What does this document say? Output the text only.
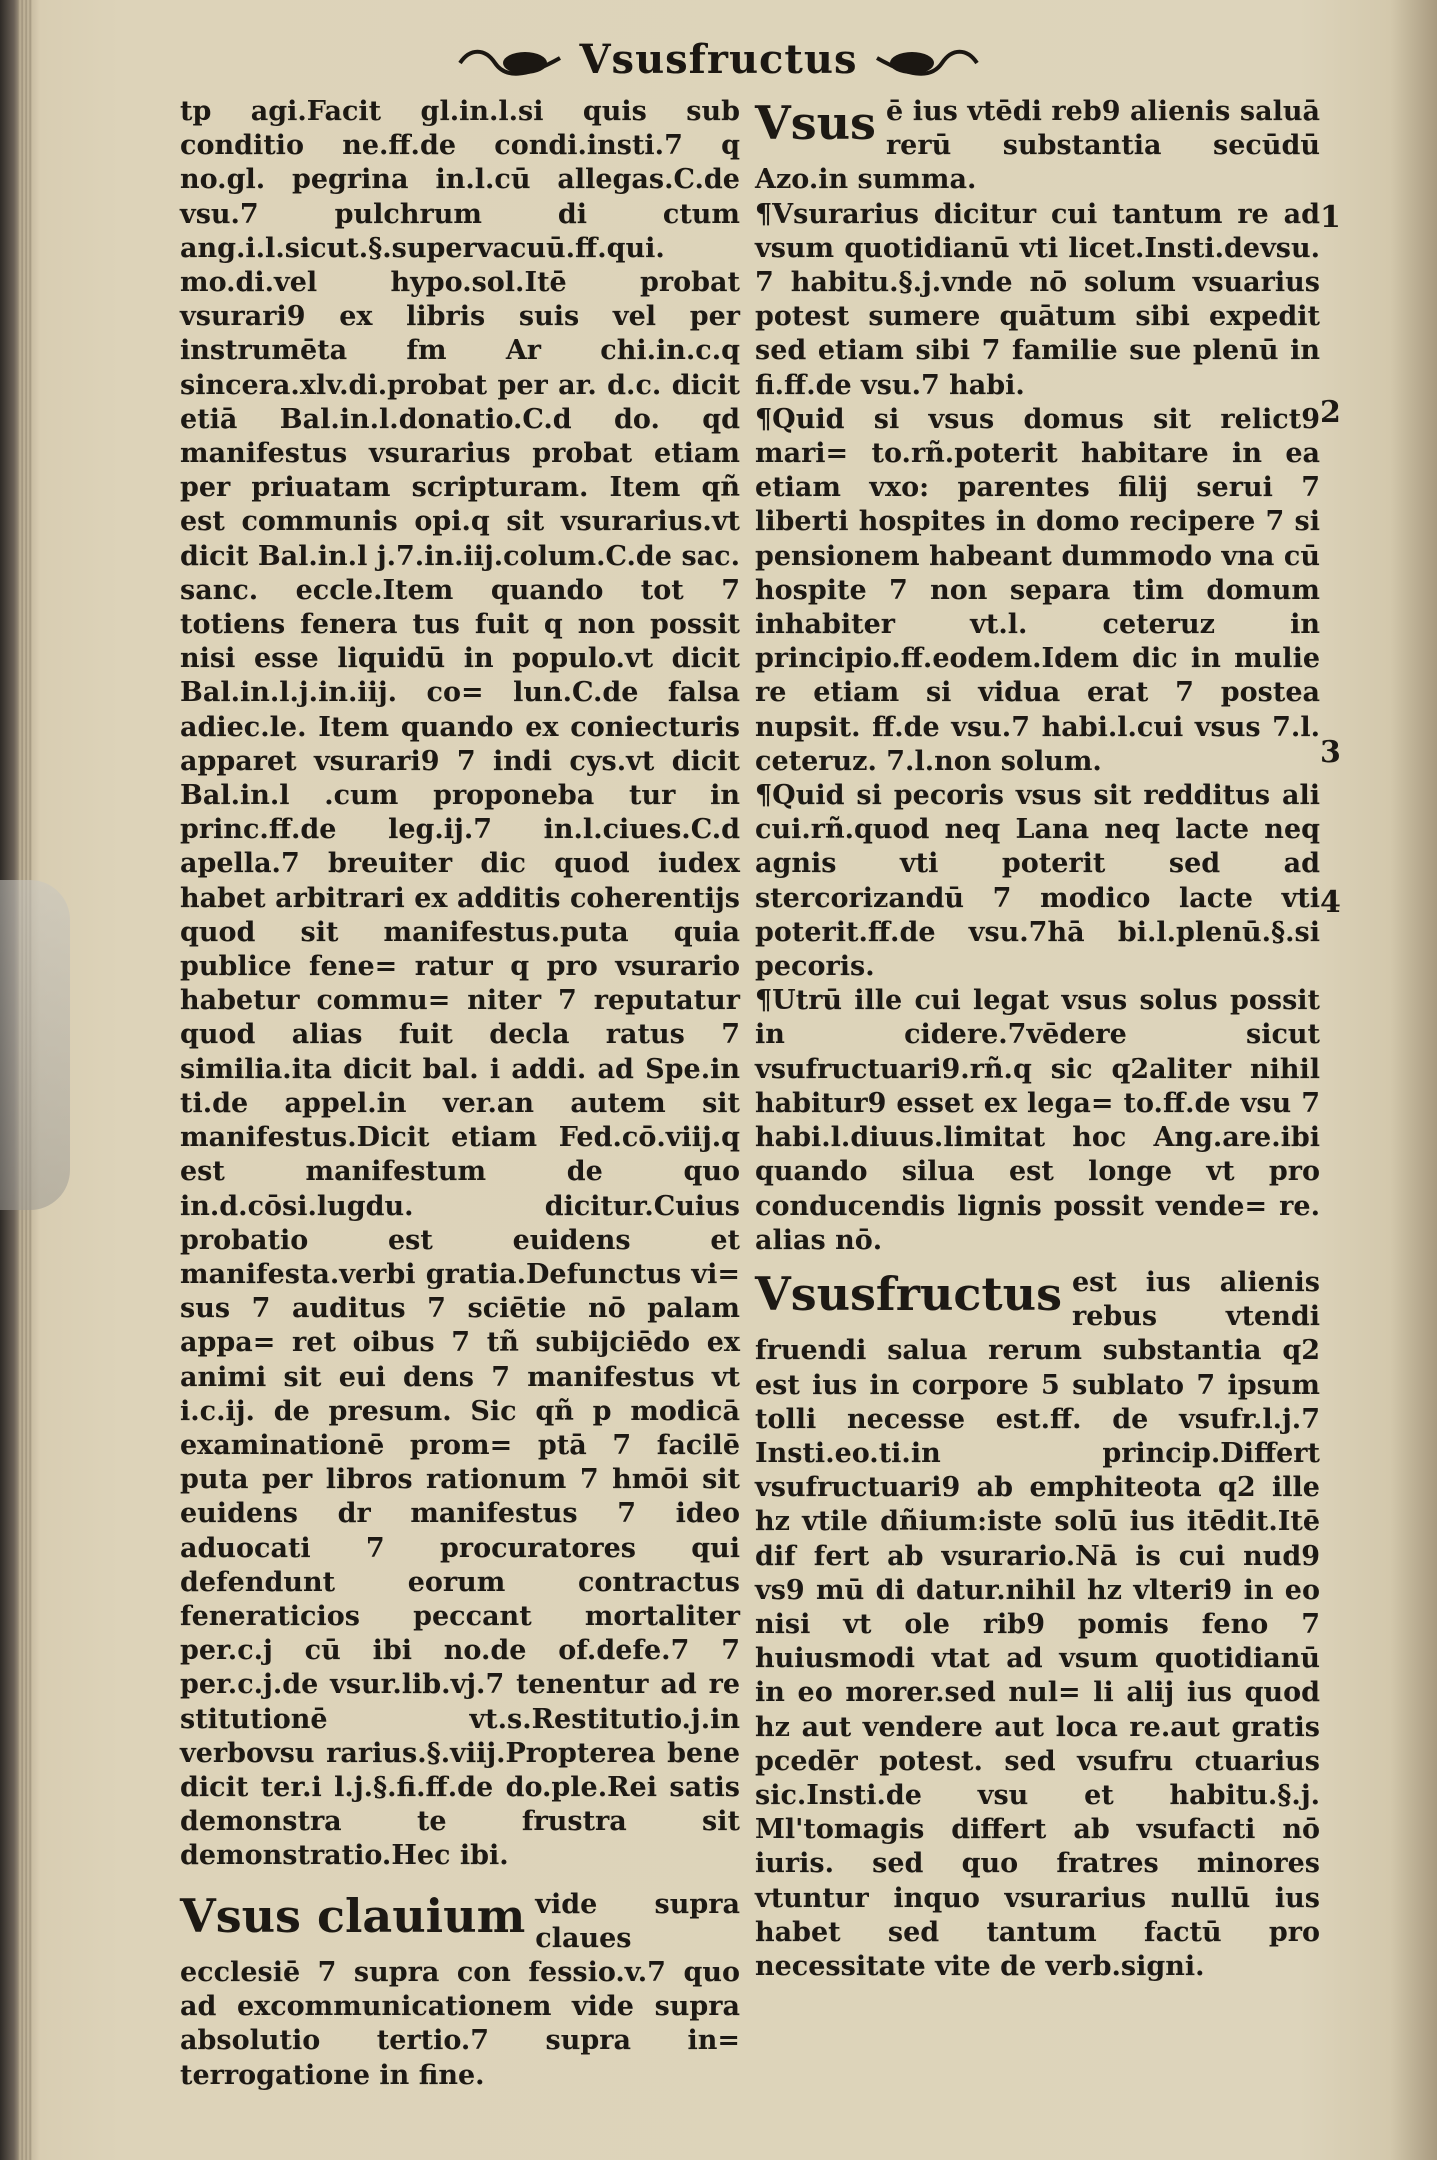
Vsusfructus

tp agi.Facit gl.in.l.si quis sub conditio ne.ff.de condi.insti.7 q no.gl. pegrina in.l.cū allegas.C.de vsu.7 pulchrum di ctum ang.i.l.sicut.§.supervacuū.ff.qui. mo.di.vel hypo.sol.Itē probat vsurari9 ex libris suis vel per instrumēta fm Ar chi.in.c.q sincera.xlv.di.probat per ar. d.c. dicit etiā Bal.in.l.donatio.C.d do. qd manifestus vsurarius probat etiam per priuatam scripturam. Item qñ est communis opi.q sit vsurarius.vt dicit Bal.in.l j.7.in.iij.colum.C.de sac. sanc. eccle.Item quando tot 7 totiens fenera tus fuit q non possit nisi esse liquidū in populo.vt dicit Bal.in.l.j.in.iij. co= lun.C.de falsa adiec.le. Item quando ex coniecturis apparet vsurari9 7 indi cys.vt dicit Bal.in.l .cum proponeba tur in princ.ff.de leg.ij.7 in.l.ciues.C.d apella.7 breuiter dic quod iudex habet arbitrari ex additis coherentijs quod sit manifestus.puta quia publice fene= ratur q pro vsurario habetur commu= niter 7 reputatur quod alias fuit decla ratus 7 similia.ita dicit bal. i addi. ad Spe.in ti.de appel.in ver.an autem sit manifestus.Dicit etiam Fed.cō.viij.q est manifestum de quo in.d.cōsi.lugdu. dicitur.Cuius probatio est euidens et manifesta.verbi gratia.Defunctus vi= sus 7 auditus 7 sciētie nō palam appa= ret oibus 7 tñ subijciēdo ex animi sit eui dens 7 manifestus vt i.c.ij. de presum. Sic qñ p modicā examinationē prom= ptā 7 facilē puta per libros rationum 7 hmōi sit euidens dr manifestus 7 ideo aduocati 7 procuratores qui defendunt eorum contractus feneraticios peccant mortaliter per.c.j cū ibi no.de of.defe.7 7 per.c.j.de vsur.lib.vj.7 tenentur ad re stitutionē vt.s.Restitutio.j.in verbovsu rarius.§.viij.Propterea bene dicit ter.i l.j.§.fi.ff.de do.ple.Rei satis demonstra te frustra sit demonstratio.Hec ibi.

Vsus clauium vide supra claues ecclesiē 7 supra con fessio.v.7 quo ad excommunicationem vide supra absolutio tertio.7 supra in= terrogatione in fine.

Vsus ē ius vtēdi reb9 alienis saluā rerū substantia secūdū Azo.in summa.

¶Vsurarius dicitur cui tantum re ad vsum quotidianū vti licet.Insti.devsu. 7 habitu.§.j.vnde nō solum vsuarius potest sumere quātum sibi expedit sed etiam sibi 7 familie sue plenū in fi.ff.de vsu.7 habi.

¶Quid si vsus domus sit relict9 mari= to.rñ.poterit habitare in ea etiam vxo: parentes filij serui 7 liberti hospites in domo recipere 7 si pensionem habeant dummodo vna cū hospite 7 non separa tim domum inhabiter vt.l. ceteruz in principio.ff.eodem.Idem dic in mulie re etiam si vidua erat 7 postea nupsit. ff.de vsu.7 habi.l.cui vsus 7.l. ceteruz. 7.l.non solum.

¶Quid si pecoris vsus sit redditus ali cui.rñ.quod neq Lana neq lacte neq agnis vti poterit sed ad stercorizandū 7 modico lacte vti poterit.ff.de vsu.7hā bi.l.plenū.§.si pecoris.

¶Utrū ille cui legat vsus solus possit in cidere.7vēdere sicut vsufructuari9.rñ.q sic q2aliter nihil habitur9 esset ex lega= to.ff.de vsu 7 habi.l.diuus.limitat hoc Ang.are.ibi quando silua est longe vt pro conducendis lignis possit vende= re. alias nō.

Vsusfructus est ius alienis rebus vtendi fruendi salua rerum substantia q2 est ius in corpore 5 sublato 7 ipsum tolli necesse est.ff. de vsufr.l.j.7 Insti.eo.ti.in princip.Differt vsufructuari9 ab emphiteota q2 ille hz vtile dñium:iste solū ius itēdit.Itē dif fert ab vsurario.Nā is cui nud9 vs9 mū di datur.nihil hz vlteri9 in eo nisi vt ole rib9 pomis feno 7 huiusmodi vtat ad vsum quotidianū in eo morer.sed nul= li alij ius quod hz aut vendere aut loca re.aut gratis pcedēr potest. sed vsufru ctuarius sic.Insti.de vsu et habitu.§.j. Ml'tomagis differt ab vsufacti nō iuris. sed quo fratres minores vtuntur inquo vsurarius nullū ius habet sed tantum factū pro necessitate vite de verb.signi.

1
2
3
4
